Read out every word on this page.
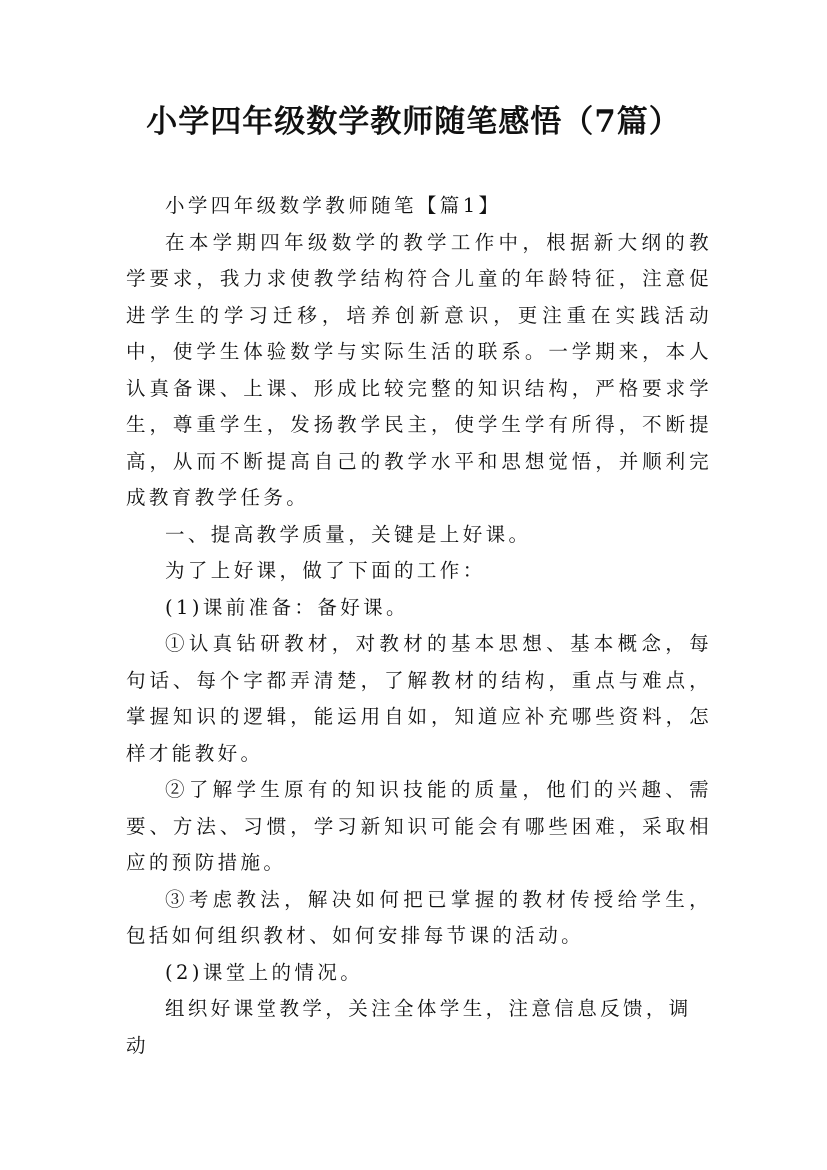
小学四年级数学教师随笔感悟（7篇）

小学四年级数学教师随笔【篇1】

在本学期四年级数学的教学工作中，根据新大纲的教学要求，我力求使教学结构符合儿童的年龄特征，注意促进学生的学习迁移，培养创新意识，更注重在实践活动中，使学生体验数学与实际生活的联系。一学期来，本人认真备课、上课、形成比较完整的知识结构，严格要求学生，尊重学生，发扬教学民主，使学生学有所得，不断提高，从而不断提高自己的教学水平和思想觉悟，并顺利完成教育教学任务。

一、提高教学质量，关键是上好课。

为了上好课，做了下面的工作：

(1)课前准备：备好课。

①认真钻研教材，对教材的基本思想、基本概念，每句话、每个字都弄清楚，了解教材的结构，重点与难点，掌握知识的逻辑，能运用自如，知道应补充哪些资料，怎样才能教好。

②了解学生原有的知识技能的质量，他们的兴趣、需要、方法、习惯，学习新知识可能会有哪些困难，采取相应的预防措施。

③考虑教法，解决如何把已掌握的教材传授给学生，包括如何组织教材、如何安排每节课的活动。

(2)课堂上的情况。

组织好课堂教学，关注全体学生，注意信息反馈，调动
